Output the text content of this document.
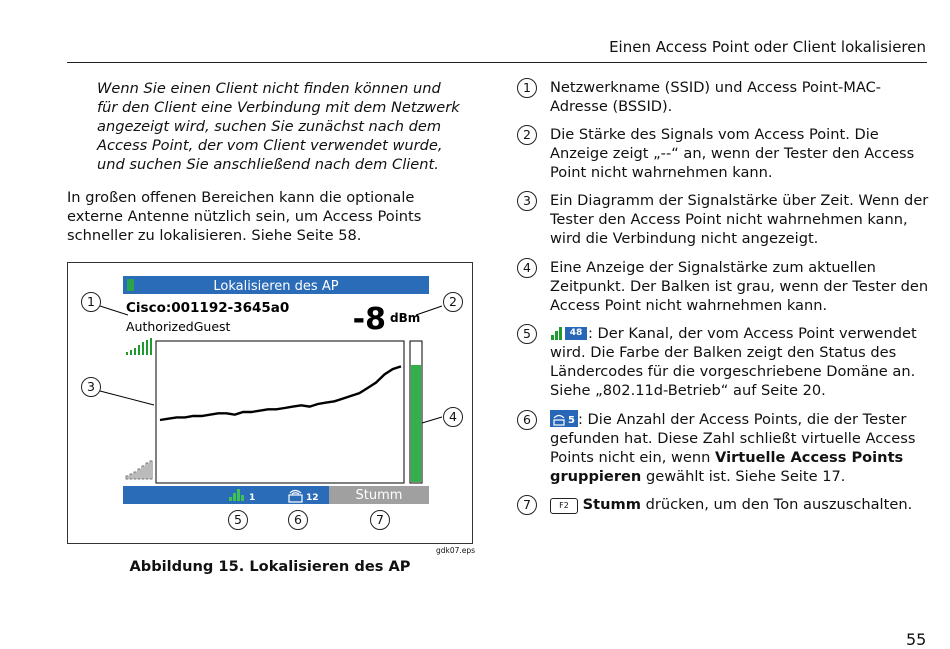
Einen Access Point oder Client lokalisieren
Wenn Sie einen Client nicht finden können und für den Client eine Verbindung mit dem Netzwerk angezeigt wird, suchen Sie zunächst nach dem Access Point, der vom Client verwendet wurde, und suchen Sie anschließend nach dem Client.
In großen offenen Bereichen kann die optionale externe Antenne nützlich sein, um Access Points schneller zu lokalisieren. Siehe Seite 58.
Lokalisieren des AP
Cisco:001192-3645a0
AuthorizedGuest	-8 dBm
1	12	Stumm
1	2
3
4
5	6	7
gdk07.eps
Abbildung 15. Lokalisieren des AP
1	Netzwerkname (SSID) und Access Point-MAC-Adresse (BSSID).
2	Die Stärke des Signals vom Access Point. Die Anzeige zeigt „--“ an, wenn der Tester den Access Point nicht wahrnehmen kann.
3	Ein Diagramm der Signalstärke über Zeit. Wenn der Tester den Access Point nicht wahrnehmen kann, wird die Verbindung nicht angezeigt.
4	Eine Anzeige der Signalstärke zum aktuellen Zeitpunkt. Der Balken ist grau, wenn der Tester den Access Point nicht wahrnehmen kann.
5	48 : Der Kanal, der vom Access Point verwendet wird. Die Farbe der Balken zeigt den Status des Ländercodes für die vorgeschriebene Domäne an. Siehe „802.11d-Betrieb“ auf Seite 20.
6	5 : Die Anzahl der Access Points, die der Tester gefunden hat. Diese Zahl schließt virtuelle Access Points nicht ein, wenn Virtuelle Access Points gruppieren gewählt ist. Siehe Seite 17.
7	F2 Stumm drücken, um den Ton auszuschalten.
55
